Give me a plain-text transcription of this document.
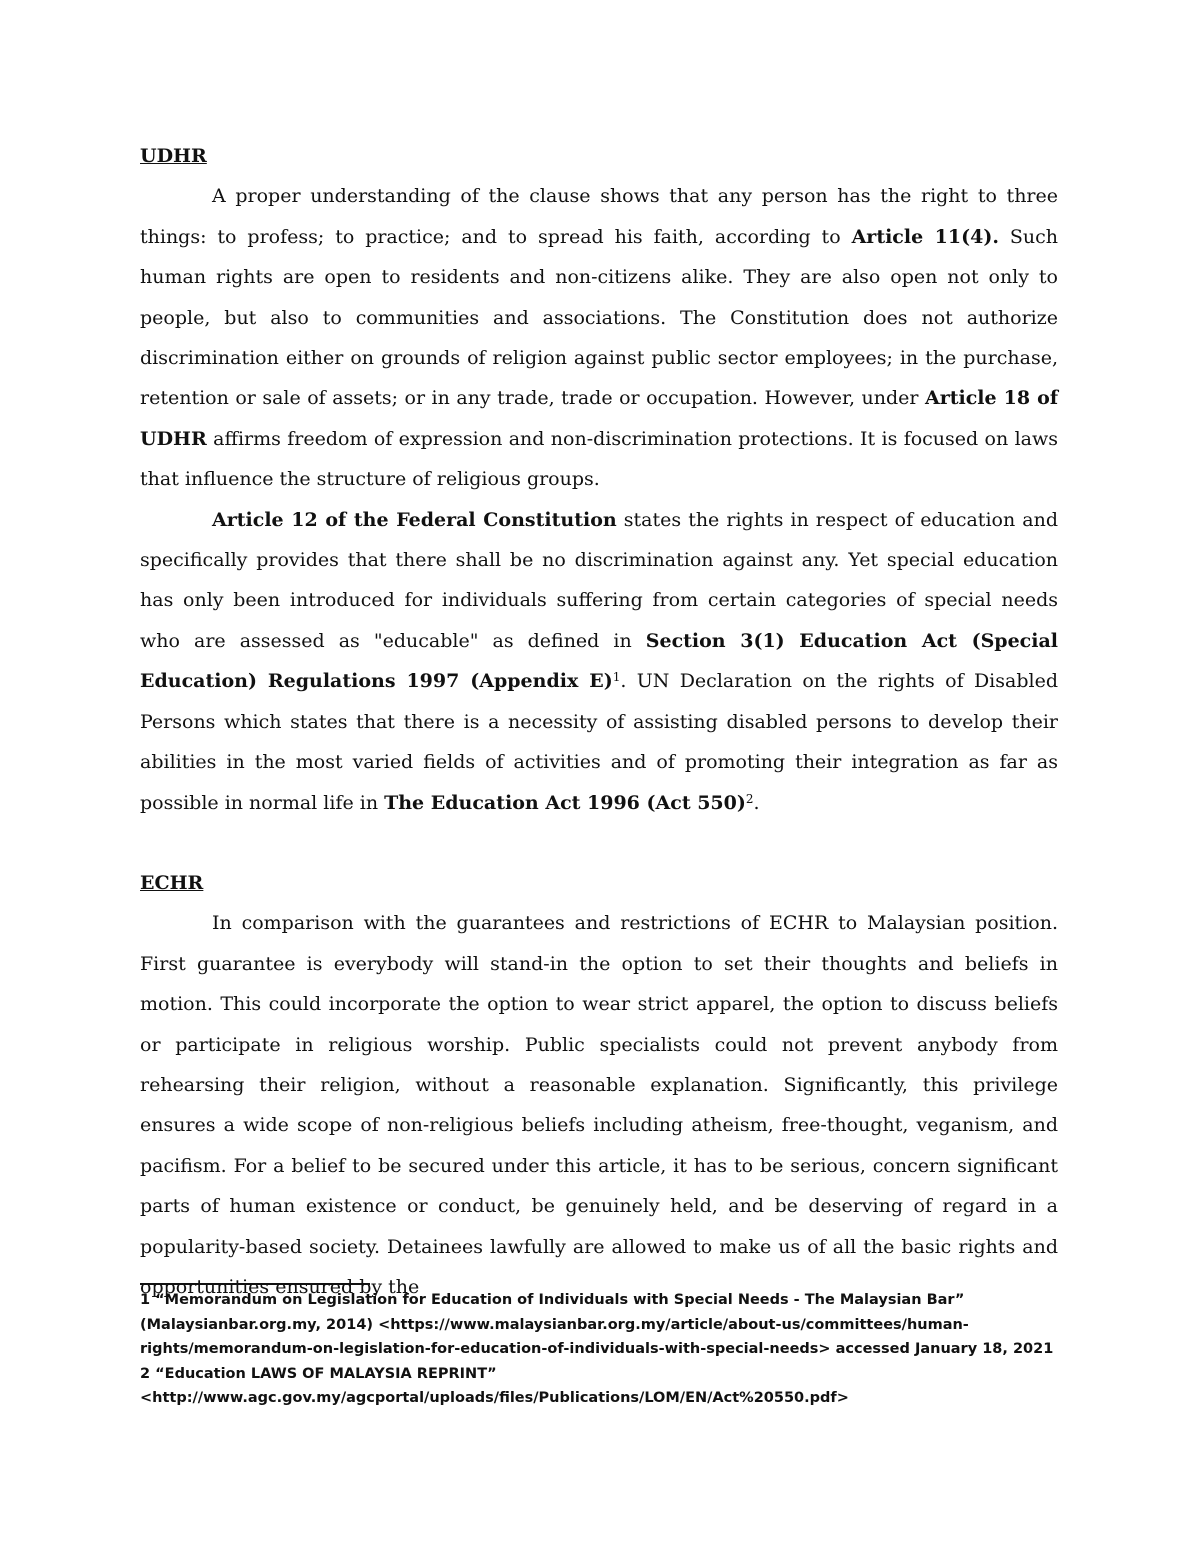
UDHR

A proper understanding of the clause shows that any person has the right to three things: to profess; to practice; and to spread his faith, according to Article 11(4). Such human rights are open to residents and non-citizens alike. They are also open not only to people, but also to communities and associations. The Constitution does not authorize discrimination either on grounds of religion against public sector employees; in the purchase, retention or sale of assets; or in any trade, trade or occupation. However, under Article 18 of UDHR affirms freedom of expression and non-discrimination protections. It is focused on laws that influence the structure of religious groups.

Article 12 of the Federal Constitution states the rights in respect of education and specifically provides that there shall be no discrimination against any. Yet special education has only been introduced for individuals suffering from certain categories of special needs who are assessed as "educable" as defined in Section 3(1) Education Act (Special Education) Regulations 1997 (Appendix E)$^1$. UN Declaration on the rights of Disabled Persons which states that there is a necessity of assisting disabled persons to develop their abilities in the most varied fields of activities and of promoting their integration as far as possible in normal life in The Education Act 1996 (Act 550)$^2$.

ECHR

In comparison with the guarantees and restrictions of ECHR to Malaysian position. First guarantee is everybody will stand-in the option to set their thoughts and beliefs in motion. This could incorporate the option to wear strict apparel, the option to discuss beliefs or participate in religious worship. Public specialists could not prevent anybody from rehearsing their religion, without a reasonable explanation. Significantly, this privilege ensures a wide scope of non-religious beliefs including atheism, free-thought, veganism, and pacifism. For a belief to be secured under this article, it has to be serious, concern significant parts of human existence or conduct, be genuinely held, and be deserving of regard in a popularity-based society. Detainees lawfully are allowed to make us of all the basic rights and opportunities ensured by the

1 “Memorandum on Legislation for Education of Individuals with Special Needs - The Malaysian Bar” (Malaysianbar.org.my, 2014) <https://www.malaysianbar.org.my/article/about-us/committees/human-rights/memorandum-on-legislation-for-education-of-individuals-with-special-needs> accessed January 18, 2021

2 “Education LAWS OF MALAYSIA REPRINT” <http://www.agc.gov.my/agcportal/uploads/files/Publications/LOM/EN/Act%20550.pdf>
